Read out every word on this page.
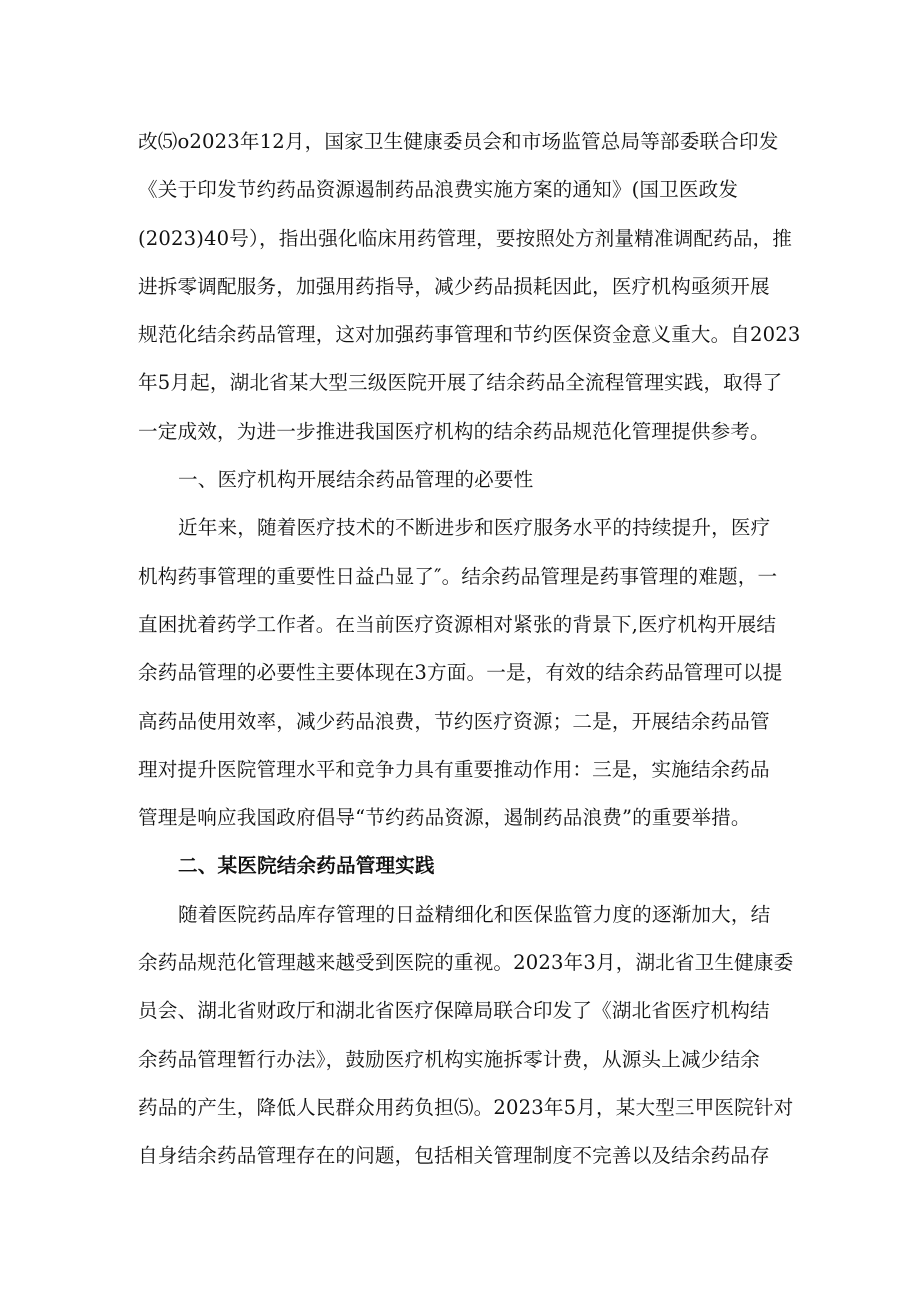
改⑸o2023年12月，国家卫生健康委员会和市场监管总局等部委联合印发
《关于印发节约药品资源遏制药品浪费实施方案的通知》(国卫医政发
(2023)40号），指出强化临床用药管理，要按照处方剂量精准调配药品，推
进拆零调配服务，加强用药指导，减少药品损耗因此，医疗机构亟须开展
规范化结余药品管理，这对加强药事管理和节约医保资金意义重大。自2023
年5月起，湖北省某大型三级医院开展了结余药品全流程管理实践，取得了
一定成效，为进一步推进我国医疗机构的结余药品规范化管理提供参考。
一、医疗机构开展结余药品管理的必要性
近年来，随着医疗技术的不断进步和医疗服务水平的持续提升，医疗
机构药事管理的重要性日益凸显了″。结余药品管理是药事管理的难题，一
直困扰着药学工作者。在当前医疗资源相对紧张的背景下,医疗机构开展结
余药品管理的必要性主要体现在3方面。一是，有效的结余药品管理可以提
高药品使用效率，减少药品浪费，节约医疗资源；二是，开展结余药品管
理对提升医院管理水平和竞争力具有重要推动作用：三是，实施结余药品
管理是响应我国政府倡导“节约药品资源，遏制药品浪费”的重要举措。
二、某医院结余药品管理实践
随着医院药品库存管理的日益精细化和医保监管力度的逐渐加大，结
余药品规范化管理越来越受到医院的重视。2023年3月，湖北省卫生健康委
员会、湖北省财政厅和湖北省医疗保障局联合印发了《湖北省医疗机构结
余药品管理暂行办法》，鼓励医疗机构实施拆零计费，从源头上减少结余
药品的产生，降低人民群众用药负担⑸。2023年5月，某大型三甲医院针对
自身结余药品管理存在的问题，包括相关管理制度不完善以及结余药品存
